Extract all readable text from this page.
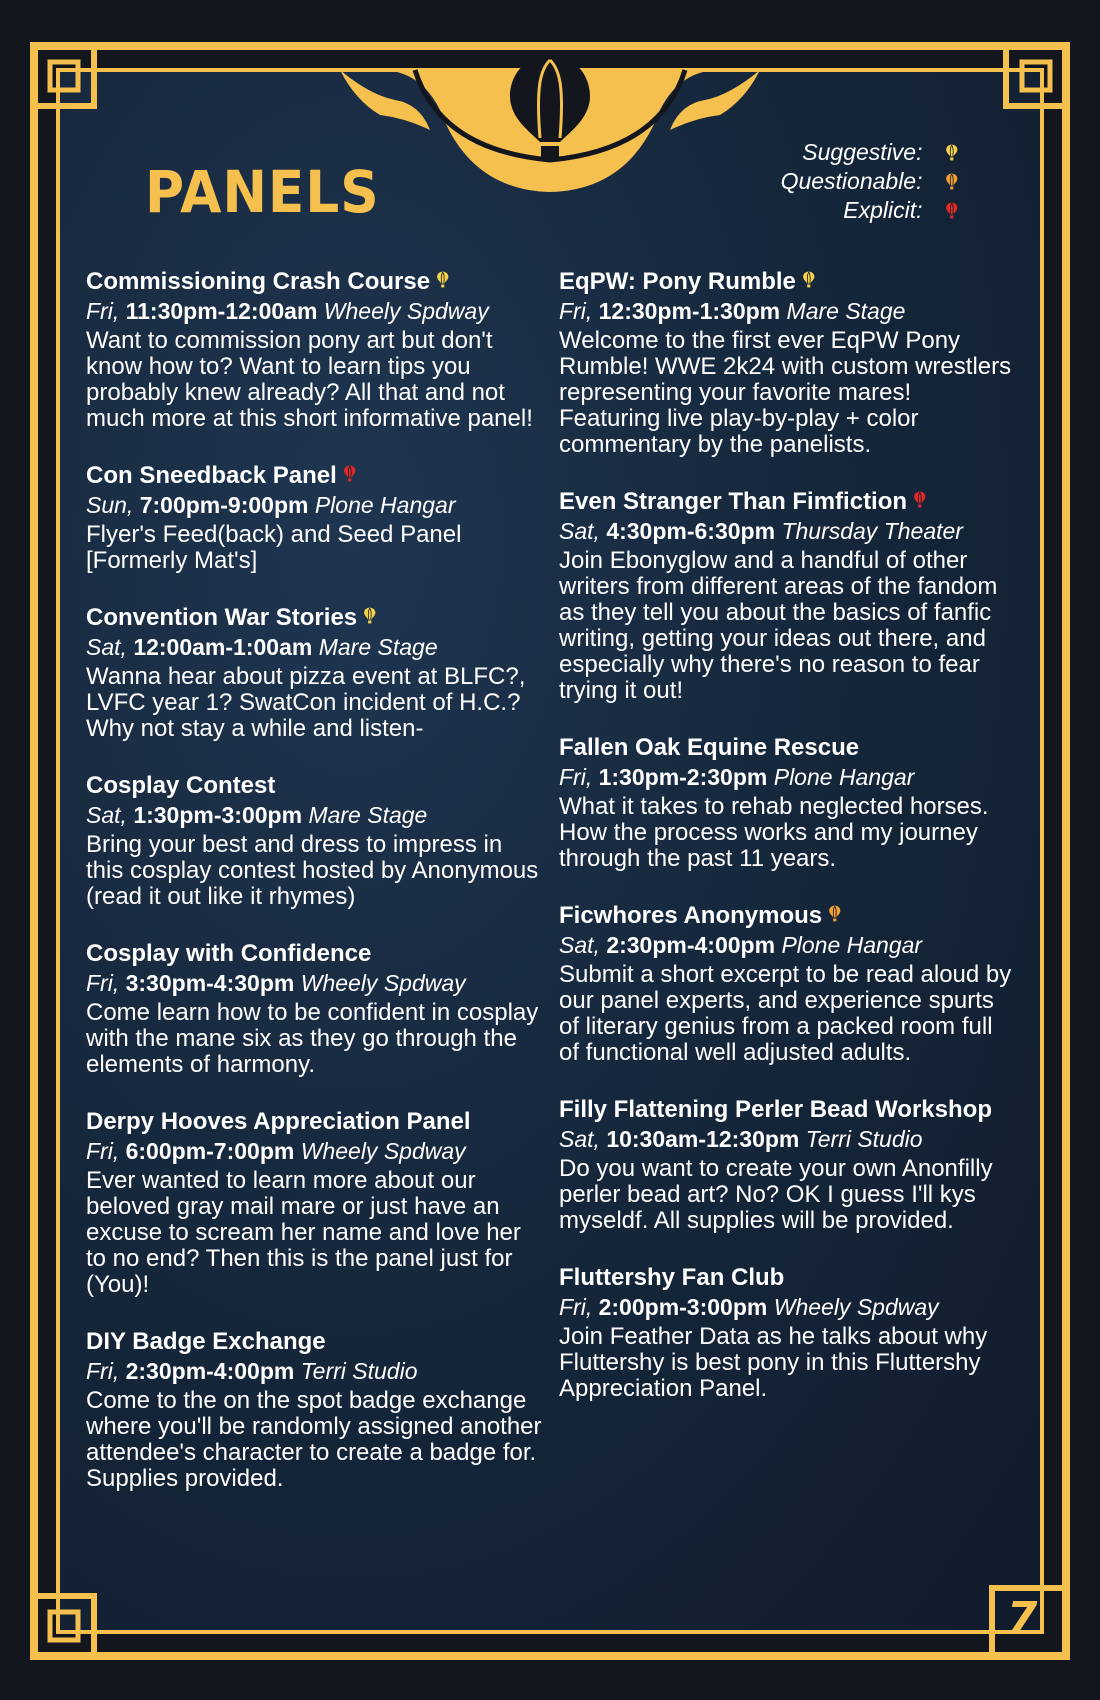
PANELS
Suggestive:
Questionable:
Explicit:
Commissioning Crash Course
Fri, 11:30pm-12:00am Wheely Spdway
Want to commission pony art but don't know how to? Want to learn tips you probably knew already? All that and not much more at this short informative panel!
Con Sneedback Panel
Sun, 7:00pm-9:00pm Plone Hangar
Flyer's Feed(back) and Seed Panel [Formerly Mat's]
Convention War Stories
Sat, 12:00am-1:00am Mare Stage
Wanna hear about pizza event at BLFC?, LVFC year 1? SwatCon incident of H.C.? Why not stay a while and listen-
Cosplay Contest
Sat, 1:30pm-3:00pm Mare Stage
Bring your best and dress to impress in this cosplay contest hosted by Anonymous (read it out like it rhymes)
Cosplay with Confidence
Fri, 3:30pm-4:30pm Wheely Spdway
Come learn how to be confident in cosplay with the mane six as they go through the elements of harmony.
Derpy Hooves Appreciation Panel
Fri, 6:00pm-7:00pm Wheely Spdway
Ever wanted to learn more about our beloved gray mail mare or just have an excuse to scream her name and love her to no end? Then this is the panel just for (You)!
DIY Badge Exchange
Fri, 2:30pm-4:00pm Terri Studio
Come to the on the spot badge exchange where you'll be randomly assigned another attendee's character to create a badge for. Supplies provided.
EqPW: Pony Rumble
Fri, 12:30pm-1:30pm Mare Stage
Welcome to the first ever EqPW Pony Rumble! WWE 2k24 with custom wrestlers representing your favorite mares! Featuring live play-by-play + color commentary by the panelists.
Even Stranger Than Fimfiction
Sat, 4:30pm-6:30pm Thursday Theater
Join Ebonyglow and a handful of other writers from different areas of the fandom as they tell you about the basics of fanfic writing, getting your ideas out there, and especially why there's no reason to fear trying it out!
Fallen Oak Equine Rescue
Fri, 1:30pm-2:30pm Plone Hangar
What it takes to rehab neglected horses. How the process works and my journey through the past 11 years.
Ficwhores Anonymous
Sat, 2:30pm-4:00pm Plone Hangar
Submit a short excerpt to be read aloud by our panel experts, and experience spurts of literary genius from a packed room full of functional well adjusted adults.
Filly Flattening Perler Bead Workshop
Sat, 10:30am-12:30pm Terri Studio
Do you want to create your own Anonfilly perler bead art? No? OK I guess I'll kys myseldf. All supplies will be provided.
Fluttershy Fan Club
Fri, 2:00pm-3:00pm Wheely Spdway
Join Feather Data as he talks about why Fluttershy is best pony in this Fluttershy Appreciation Panel.
7
